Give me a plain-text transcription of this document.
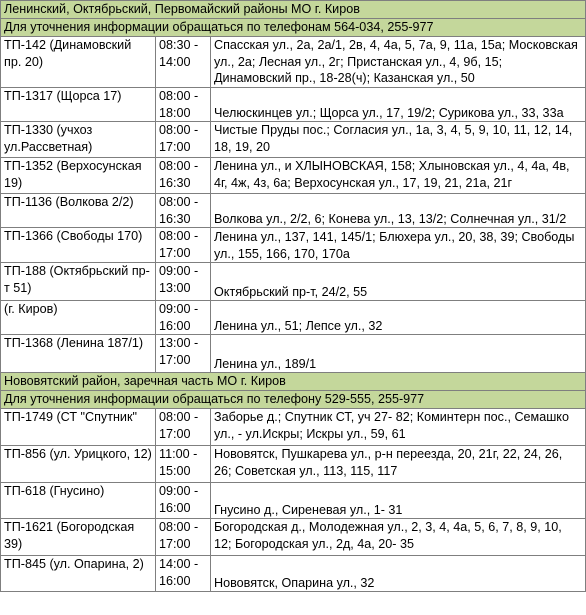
Ленинский, Октябрьский, Первомайский районы МО г. Киров		
Для уточнения информации обращаться по телефонам 564-034, 255-977		
ТП-142 (Динамовский пр. 20)	08:30 - 14:00	Спасская ул., 2а, 2а/1, 2в, 4, 4а, 5, 7а, 9, 11а, 15а; Московская ул., 2а; Лесная ул., 2г; Пристанская ул., 4, 9б, 15; Динамовский пр., 18-28(ч); Казанская ул., 50
ТП-1317 (Щорса 17)	08:00 - 18:00	Челюскинцев ул.; Щорса ул., 17, 19/2; Сурикова ул., 33, 33а
ТП-1330 (учхоз ул.Рассветная)	08:00 - 17:00	Чистые Пруды пос.; Согласия ул., 1а, 3, 4, 5, 9, 10, 11, 12, 14, 18, 19, 20
ТП-1352 (Верхосунская 19)	08:00 - 16:30	Ленина ул., и ХЛЫНОВСКАЯ, 158; Хлыновская ул., 4, 4а, 4в, 4г, 4ж, 4з, 6а; Верхосунская ул., 17, 19, 21, 21а, 21г
ТП-1136 (Волкова 2/2)	08:00 - 16:30	Волкова ул., 2/2, 6; Конева ул., 13, 13/2; Солнечная ул., 31/2
ТП-1366 (Свободы 170)	08:00 - 17:00	Ленина ул., 137, 141, 145/1; Блюхера ул., 20, 38, 39; Свободы ул., 155, 166, 170, 170а
ТП-188 (Октябрьский пр-т 51)	09:00 - 13:00	Октябрьский пр-т, 24/2, 55
(г. Киров)	09:00 - 16:00	Ленина ул., 51; Лепсе ул., 32
ТП-1368 (Ленина 187/1)	13:00 - 17:00	Ленина ул., 189/1
Нововятский район, заречная часть МО г. Киров		
Для уточнения информации обращаться по телефону 529-555, 255-977		
ТП-1749 (СТ "Спутник"	08:00 - 17:00	Заборье д.; Спутник СТ, уч 27- 82; Коминтерн пос., Семашко ул., - ул.Искры; Искры ул., 59, 61
ТП-856 (ул. Урицкого, 12)	11:00 - 15:00	Нововятск, Пушкарева ул., р-н переезда, 20, 21г, 22, 24, 26, 26; Советская ул., 113, 115, 117
ТП-618 (Гнусино)	09:00 - 16:00	Гнусино д., Сиреневая ул., 1- 31
ТП-1621 (Богородская 39)	08:00 - 17:00	Богородская д., Молодежная ул., 2, 3, 4, 4а, 5, 6, 7, 8, 9, 10, 12; Богородская ул., 2д, 4а, 20- 35
ТП-845 (ул. Опарина, 2)	14:00 - 16:00	Нововятск, Опарина ул., 32
